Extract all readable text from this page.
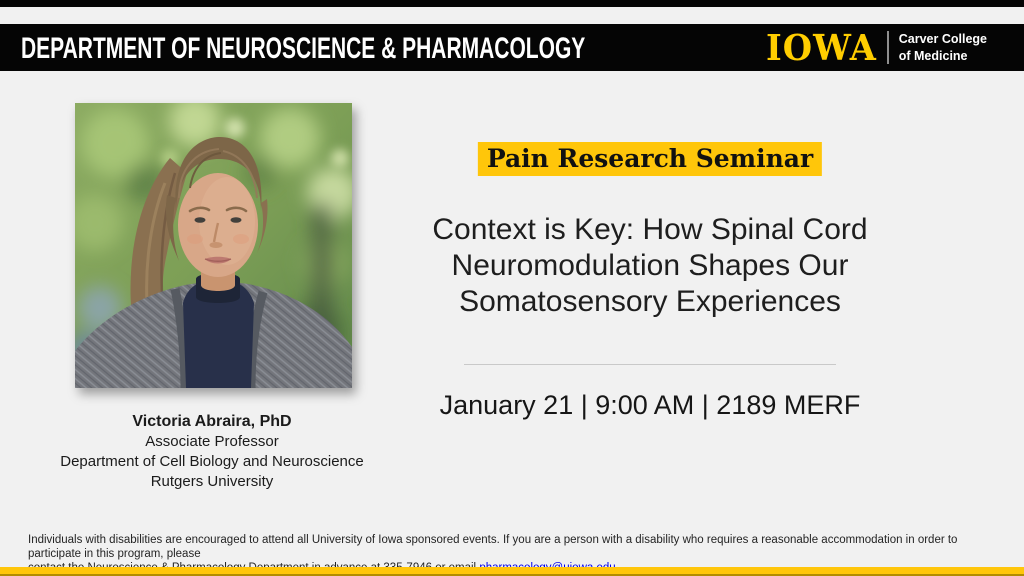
DEPARTMENT OF NEUROSCIENCE & PHARMACOLOGY	IOWA Carver College
of Medicine
Victoria Abraira, PhD
Associate Professor
Department of Cell Biology and Neuroscience
Rutgers University
Pain Research Seminar
Context is Key: How Spinal Cord
Neuromodulation Shapes Our
Somatosensory Experiences
January 21 | 9:00 AM | 2189 MERF
Individuals with disabilities are encouraged to attend all University of Iowa sponsored events. If you are a person with a disability who requires a reasonable accommodation in order to participate in this program, please
